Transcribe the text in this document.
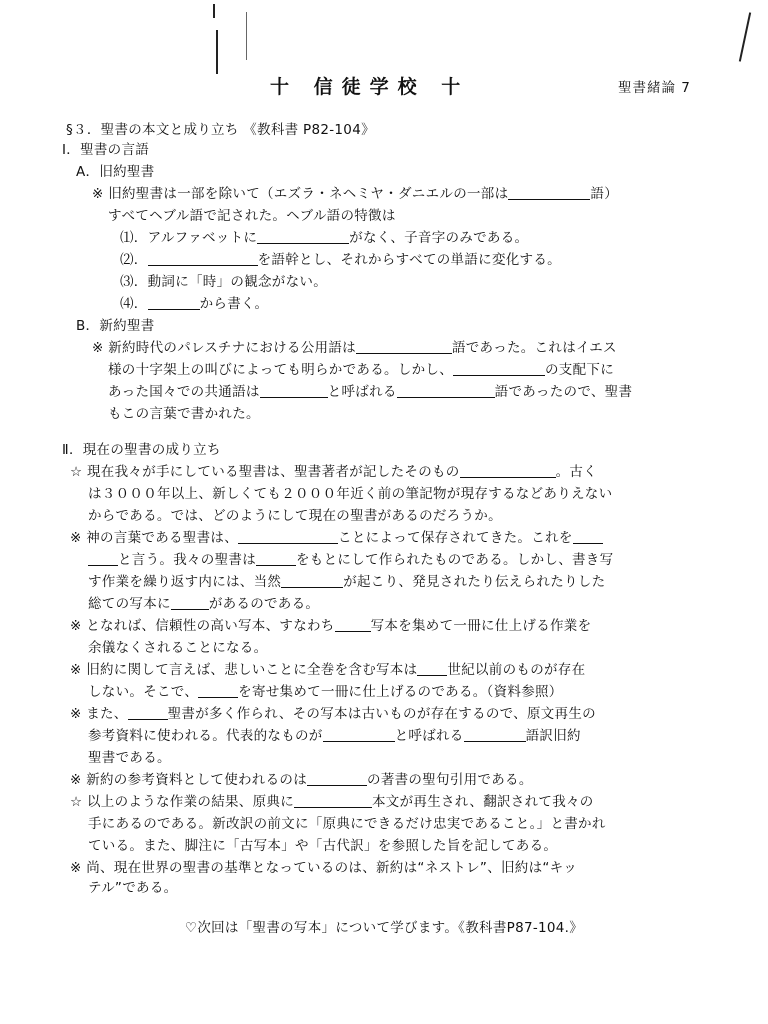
十 信徒学校 十	聖書緒論 7
§３．聖書の本文と成り立ち 《教科書 P82-104》
Ⅰ．聖書の言語
A．旧約聖書
※ 旧約聖書は一部を除いて（エズラ・ネヘミヤ・ダニエルの一部は	語）
すべてヘブル語で記された。ヘブル語の特徴は
⑴．アルファベットに	がなく、子音字のみである。
⑵．	を語幹とし、それからすべての単語に変化する。
⑶．動詞に「時」の観念がない。
⑷．	から書く。
B．新約聖書
※ 新約時代のパレスチナにおける公用語は	語であった。これはイエス
様の十字架上の叫びによっても明らかである。しかし、	の支配下に
あった国々での共通語は	と呼ばれる	語であったので、聖書
もこの言葉で書かれた。
Ⅱ．現在の聖書の成り立ち
☆ 現在我々が手にしている聖書は、聖書著者が記したそのもの	。古く
は３０００年以上、新しくても２０００年近く前の筆記物が現存するなどありえない
からである。では、どのようにして現在の聖書があるのだろうか。
※ 神の言葉である聖書は、	ことによって保存されてきた。これを
と言う。我々の聖書は	をもとにして作られたものである。しかし、書き写
す作業を繰り返す内には、当然	が起こり、発見されたり伝えられたりした
総ての写本に	があるのである。
※ となれば、信頼性の高い写本、すなわち	写本を集めて一冊に仕上げる作業を
余儀なくされることになる。
※ 旧約に関して言えば、悲しいことに全巻を含む写本は 世紀以前のものが存在
しない。そこで、	を寄せ集めて一冊に仕上げるのである。（資料参照）
※ また、	聖書が多く作られ、その写本は古いものが存在するので、原文再生の
参考資料に使われる。代表的なものが	と呼ばれる	語訳旧約
聖書である。
※ 新約の参考資料として使われるのは	の著書の聖句引用である。
☆ 以上のような作業の結果、原典に	本文が再生され、翻訳されて我々の
手にあるのである。新改訳の前文に「原典にできるだけ忠実であること。」と書かれ
ている。また、脚注に「古写本」や「古代訳」を参照した旨を記してある。
※ 尚、現在世界の聖書の基準となっているのは、新約は“ネストレ”、旧約は“キッ
テル”である。
♡次回は「聖書の写本」について学びます。《教科書P87-104.》
